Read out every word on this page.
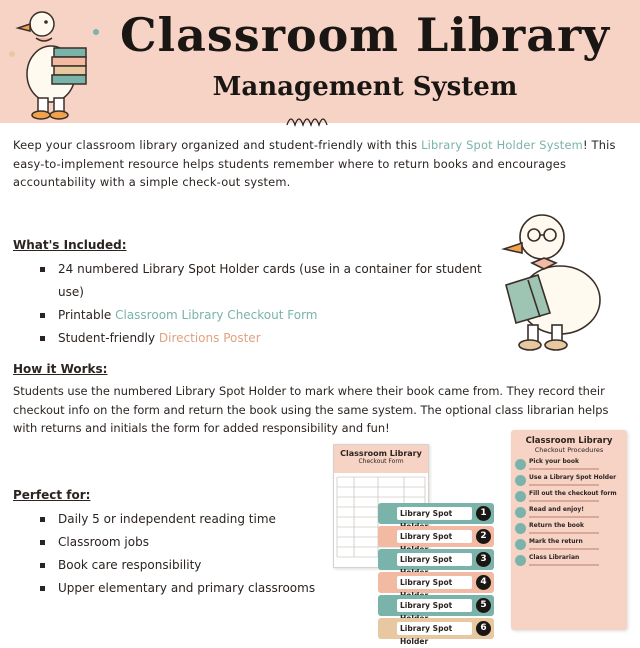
Classroom Library
Management System
Keep your classroom library organized and student-friendly with this Library Spot Holder System! This easy-to-implement resource helps students remember where to return books and encourages accountability with a simple check-out system.
What's Included:
24 numbered Library Spot Holder cards (use in a container for student use)
Printable Classroom Library Checkout Form
Student-friendly Directions Poster
How it Works:
Students use the numbered Library Spot Holder to mark where their book came from. They record their checkout info on the form and return the book using the same system. The optional class librarian helps with returns and initials the form for added responsibility and fun!
Perfect for:
Daily 5 or independent reading time
Classroom jobs
Book care responsibility
Upper elementary and primary classrooms
Classroom Library
Checkout Form
Library Spot	1
Library Spot	2
Library Spot	3
Library Spot	4
Library Spot	5
Library Spot Holder
6
Classroom Library
Checkout Procedures
Pick your book
Use a Library Spot Holder
Fill out the checkout form
Read and enjoy!
Return the book
Mark the return
Class Librarian
